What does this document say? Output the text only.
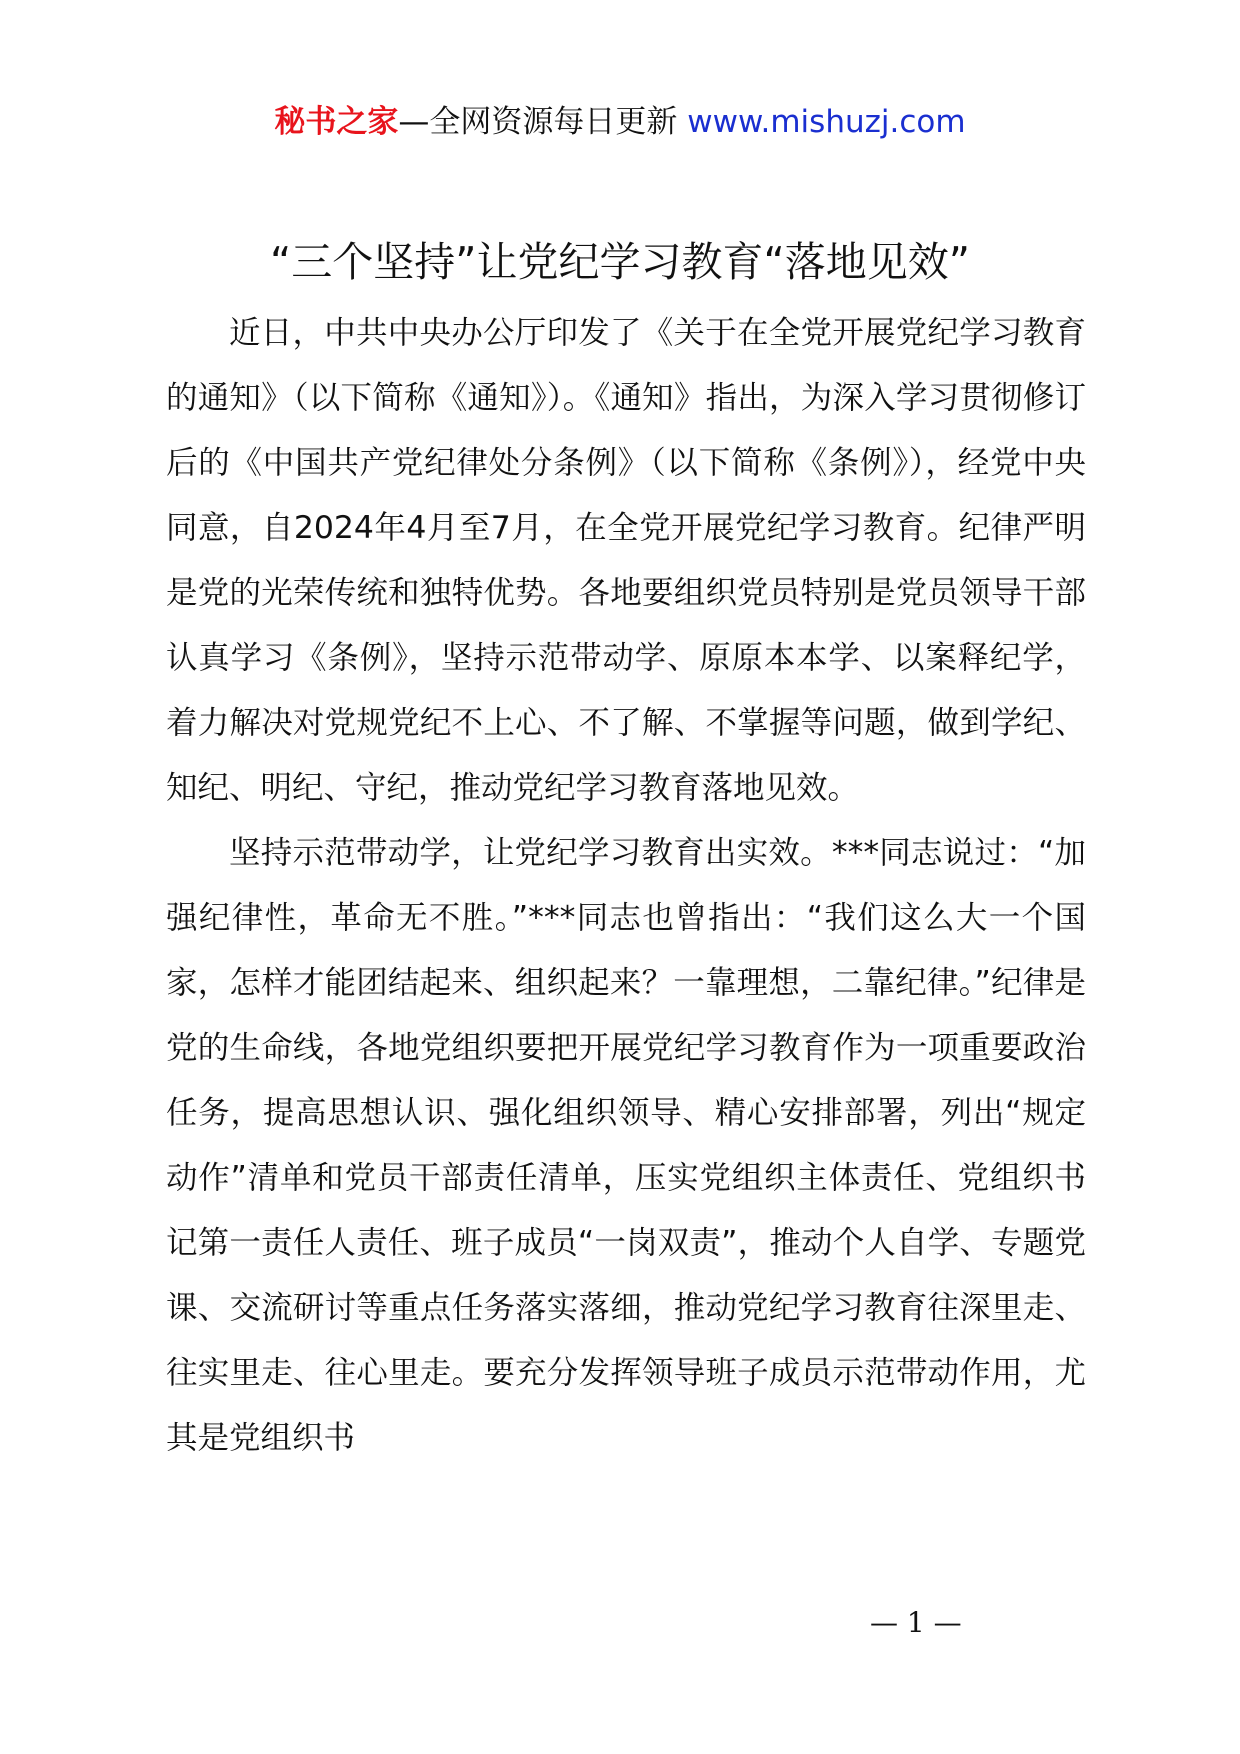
秘书之家—全网资源每日更新 www.mishuzj.com
“三个坚持”让党纪学习教育“落地见效”

近日，中共中央办公厅印发了《关于在全党开展党纪学习教育的通知》（以下简称《通知》）。《通知》指出，为深入学习贯彻修订后的《中国共产党纪律处分条例》（以下简称《条例》），经党中央同意，自2024年4月至7月，在全党开展党纪学习教育。纪律严明是党的光荣传统和独特优势。各地要组织党员特别是党员领导干部认真学习《条例》，坚持示范带动学、原原本本学、以案释纪学，着力解决对党规党纪不上心、不了解、不掌握等问题，做到学纪、知纪、明纪、守纪，推动党纪学习教育落地见效。

坚持示范带动学，让党纪学习教育出实效。***同志说过：“加强纪律性，革命无不胜。”***同志也曾指出：“我们这么大一个国家，怎样才能团结起来、组织起来？一靠理想，二靠纪律。”纪律是党的生命线，各地党组织要把开展党纪学习教育作为一项重要政治任务，提高思想认识、强化组织领导、精心安排部署，列出“规定动作”清单和党员干部责任清单，压实党组织主体责任、党组织书记第一责任人责任、班子成员“一岗双责”，推动个人自学、专题党课、交流研讨等重点任务落实落细，推动党纪学习教育往深里走、往实里走、往心里走。要充分发挥领导班子成员示范带动作用，尤其是党组织书

— 1 —
